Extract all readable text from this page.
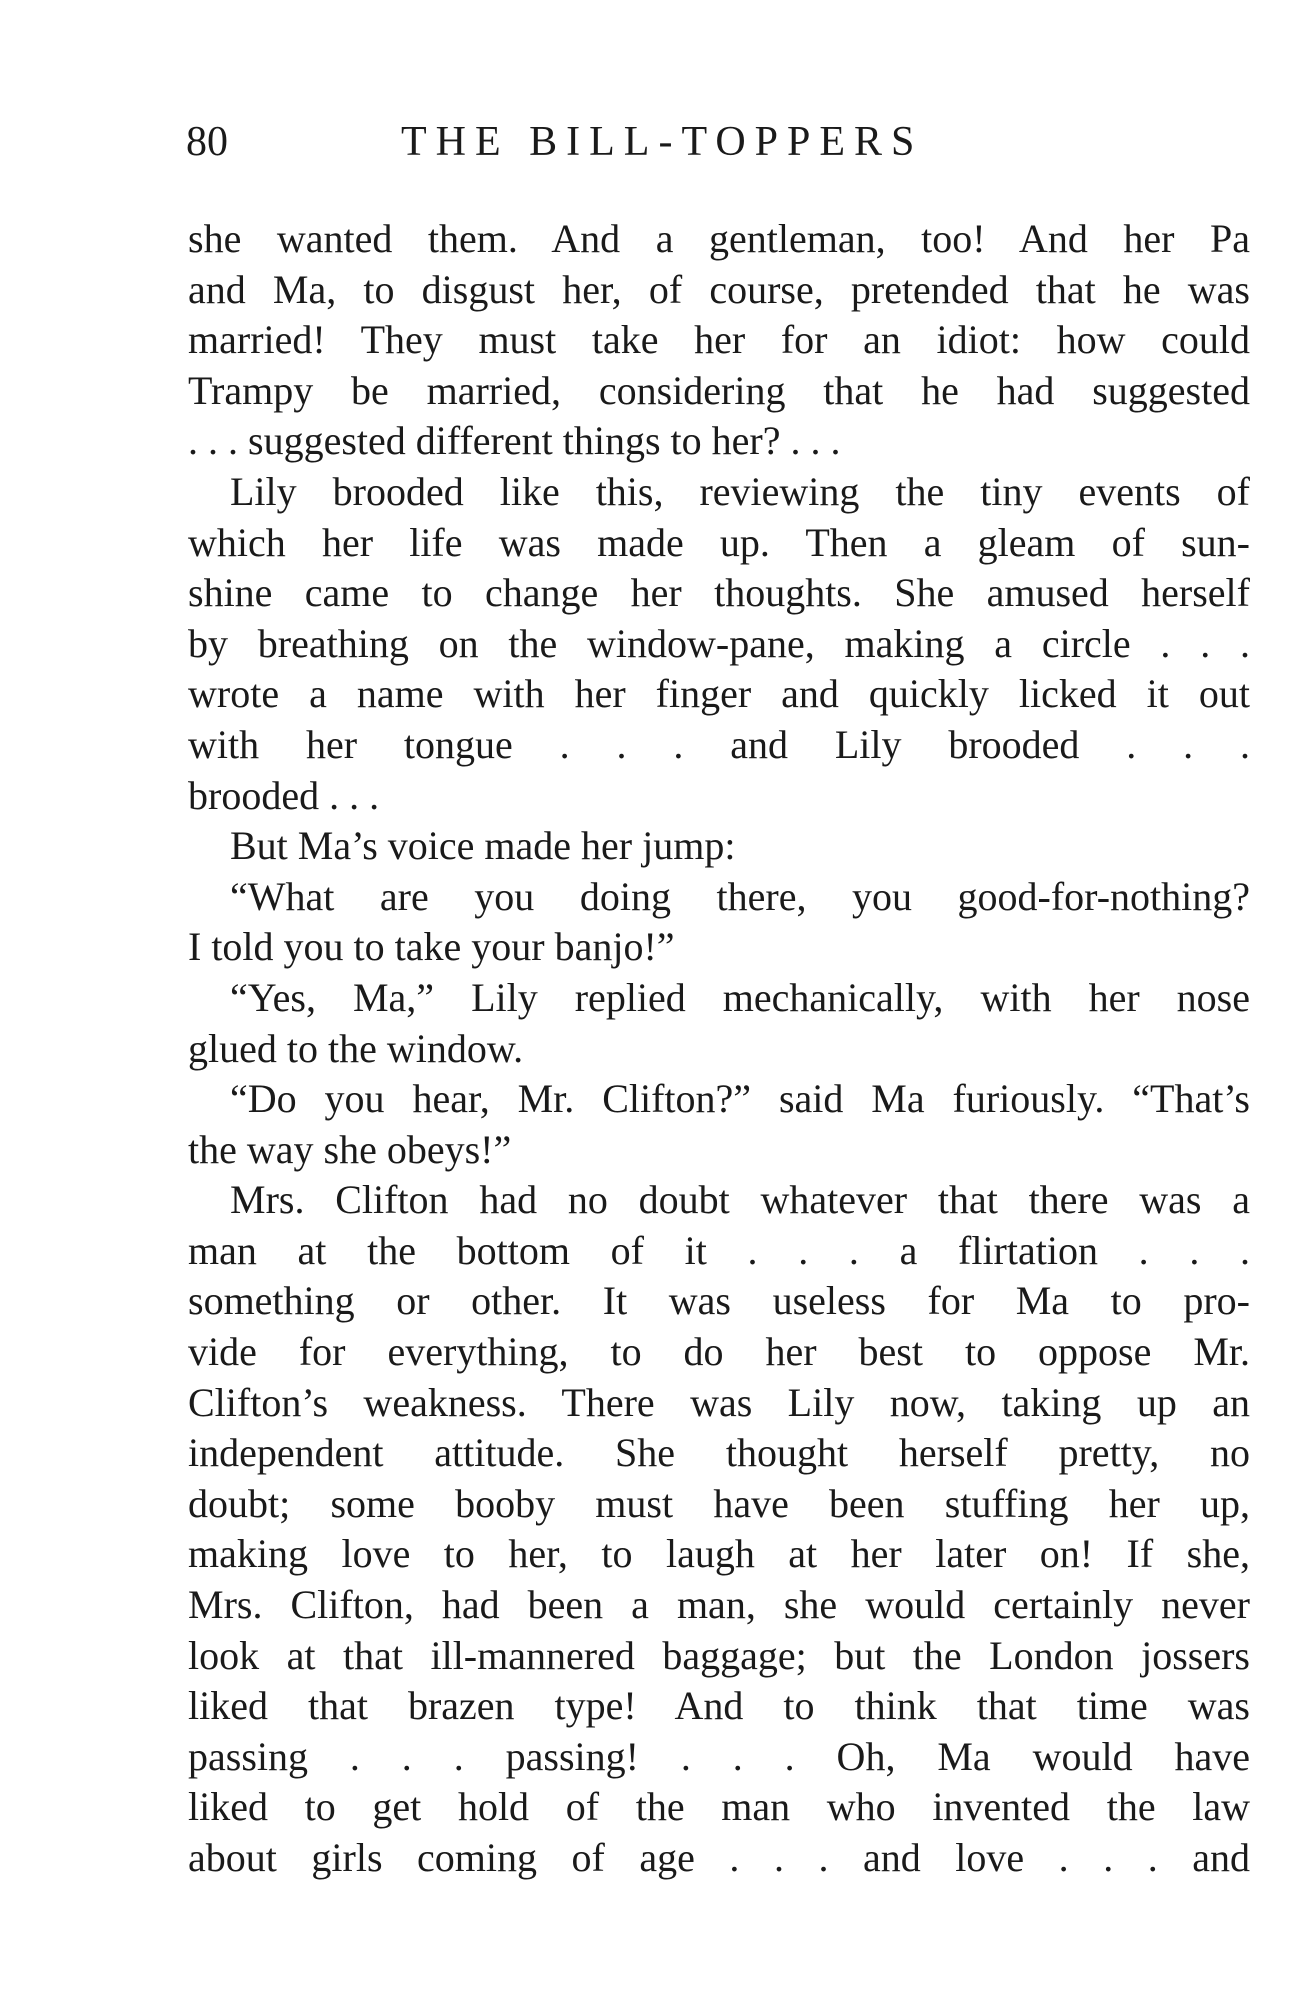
80	THE BILL-TOPPERS
she wanted them. And a gentleman, too! And her Pa
and Ma, to disgust her, of course, pretended that he was
married! They must take her for an idiot: how could
Trampy be married, considering that he had suggested
. . . suggested different things to her? . . .
Lily brooded like this, reviewing the tiny events of
which her life was made up. Then a gleam of sun-
shine came to change her thoughts. She amused herself
by breathing on the window-pane, making a circle . . .
wrote a name with her finger and quickly licked it out
with her tongue . . . and Lily brooded . . .
brooded . . .
But Ma’s voice made her jump:
“What are you doing there, you good-for-nothing?
I told you to take your banjo!”
“Yes, Ma,” Lily replied mechanically, with her nose
glued to the window.
“Do you hear, Mr. Clifton?” said Ma furiously. “That’s
the way she obeys!”
Mrs. Clifton had no doubt whatever that there was a
man at the bottom of it . . . a flirtation . . .
something or other. It was useless for Ma to pro-
vide for everything, to do her best to oppose Mr.
Clifton’s weakness. There was Lily now, taking up an
independent attitude. She thought herself pretty, no
doubt; some booby must have been stuffing her up,
making love to her, to laugh at her later on! If she,
Mrs. Clifton, had been a man, she would certainly never
look at that ill-mannered baggage; but the London jossers
liked that brazen type! And to think that time was
passing . . . passing! . . . Oh, Ma would have
liked to get hold of the man who invented the law
about girls coming of age . . . and love . . . and
